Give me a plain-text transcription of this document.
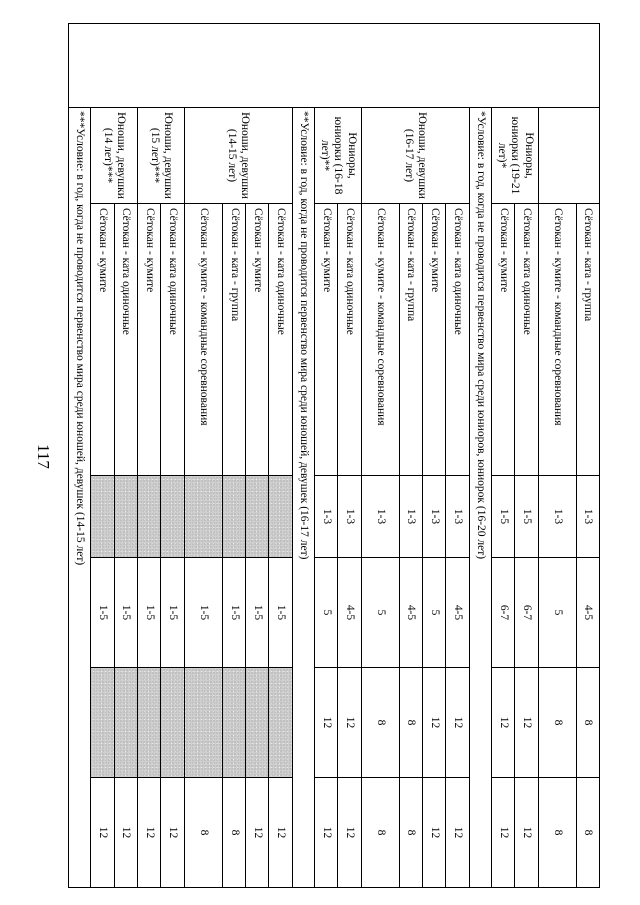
117
		Сётокан - ката - группа	1-3	4-5	8	8
		Сётокан - кумите - командные соревнования	1-3	5	8	8
	Юниоры, юниорки (19-21 лет)*	Сётокан - ката одиночные	1-5	6-7	12	12
		Сётокан - кумите	1-5	6-7	12	12
	*Условие: в год, когда не проводится первенство мира среди юниоров, юниорок (16-20 лет)					
	Юноши, девушки (16-17 лет)	Сётокан - ката одиночные	1-3	4-5	12	12
		Сётокан - кумите	1-3	5	12	12
		Сётокан - ката - группа	1-3	4-5	8	8
		Сётокан - кумите - командные соревнования	1-3	5	8	8
	Юниоры, юниорки (16-18 лет)**	Сётокан - ката одиночные	1-3	4-5	12	12
		Сётокан - кумите	1-3	5	12	12
	**Условие: в год, когда не проводится первенство мира среди юношей, девушек (16-17 лет)					
	Юноши, девушки (14-15 лет)	Сётокан - ката одиночные		1-5		12
		Сётокан - кумите		1-5		12
		Сётокан - ката - группа		1-5		8
		Сётокан - кумите - командные соревнования		1-5		8
	Юноши, девушки (15 лет)***	Сётокан - ката одиночные		1-5		12
		Сётокан - кумите		1-5		12
	Юноши, девушки (14 лет)***	Сётокан - ката одиночные		1-5		12
		Сётокан - кумите		1-5		12
	***Условие: в год, когда не проводится первенство мира среди юношей, девушек (14-15 лет)					
